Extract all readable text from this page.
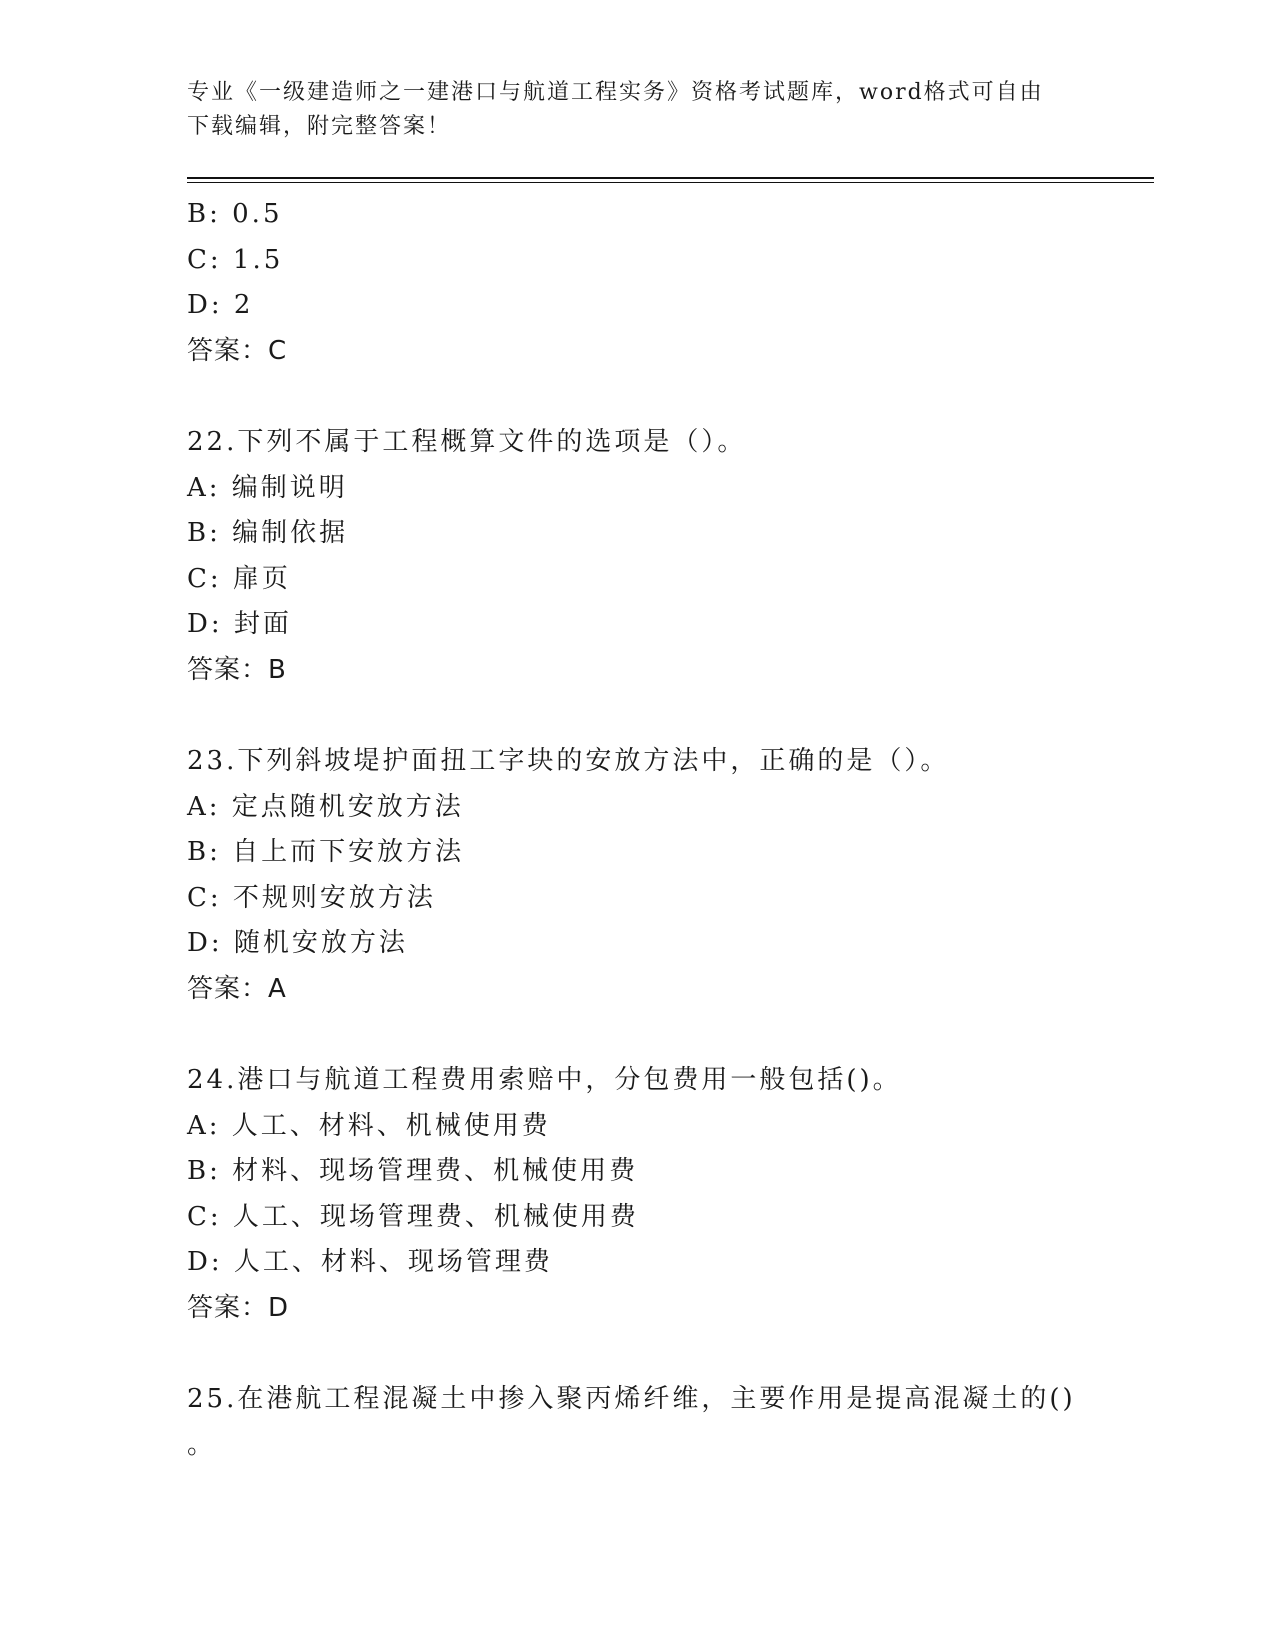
专业《一级建造师之一建港口与航道工程实务》资格考试题库，word格式可自由
下载编辑，附完整答案！
B: 0.5
C: 1.5
D: 2
答案：C
22.下列不属于工程概算文件的选项是（）。
A: 编制说明
B: 编制依据
C: 扉页
D: 封面
答案：B
23.下列斜坡堤护面扭工字块的安放方法中，正确的是（）。
A: 定点随机安放方法
B: 自上而下安放方法
C: 不规则安放方法
D: 随机安放方法
答案：A
24.港口与航道工程费用索赔中，分包费用一般包括()。
A: 人工、材料、机械使用费
B: 材料、现场管理费、机械使用费
C: 人工、现场管理费、机械使用费
D: 人工、材料、现场管理费
答案：D
25.在港航工程混凝土中掺入聚丙烯纤维，主要作用是提高混凝土的()
。
